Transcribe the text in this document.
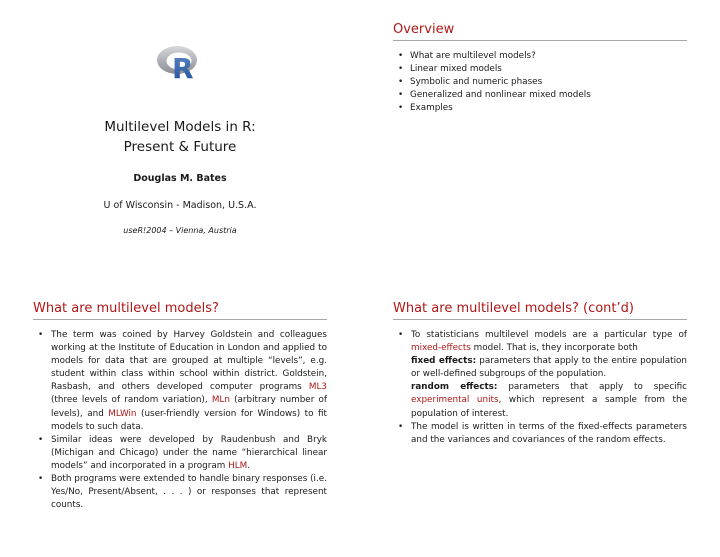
R
Multilevel Models in R:
Present & Future
Douglas M. Bates
U of Wisconsin - Madison, U.S.A.
useR!2004 – Vienna, Austria
Overview
• What are multilevel models?
• Linear mixed models
• Symbolic and numeric phases
• Generalized and nonlinear mixed models
• Examples
What are multilevel models?
• The term was coined by Harvey Goldstein and colleagues working at the Institute of Education in London and applied to models for data that are grouped at multiple “levels”, e.g. student within class within school within district. Goldstein, Rasbash, and others developed computer programs ML3 (three levels of random variation), MLn (arbitrary number of levels), and MLWin (user-friendly version for Windows) to fit models to such data.
• Similar ideas were developed by Raudenbush and Bryk (Michigan and Chicago) under the name “hierarchical linear models” and incorporated in a program HLM.
• Both programs were extended to handle binary responses (i.e. Yes/No, Present/Absent, . . . ) or responses that represent counts.
What are multilevel models? (cont’d)
• To statisticians multilevel models are a particular type of mixed-effects model. That is, they incorporate both
fixed effects: parameters that apply to the entire population or well-defined subgroups of the population.
random effects: parameters that apply to specific experimental units, which represent a sample from the population of interest.
• The model is written in terms of the fixed-effects parameters and the variances and covariances of the random effects.
